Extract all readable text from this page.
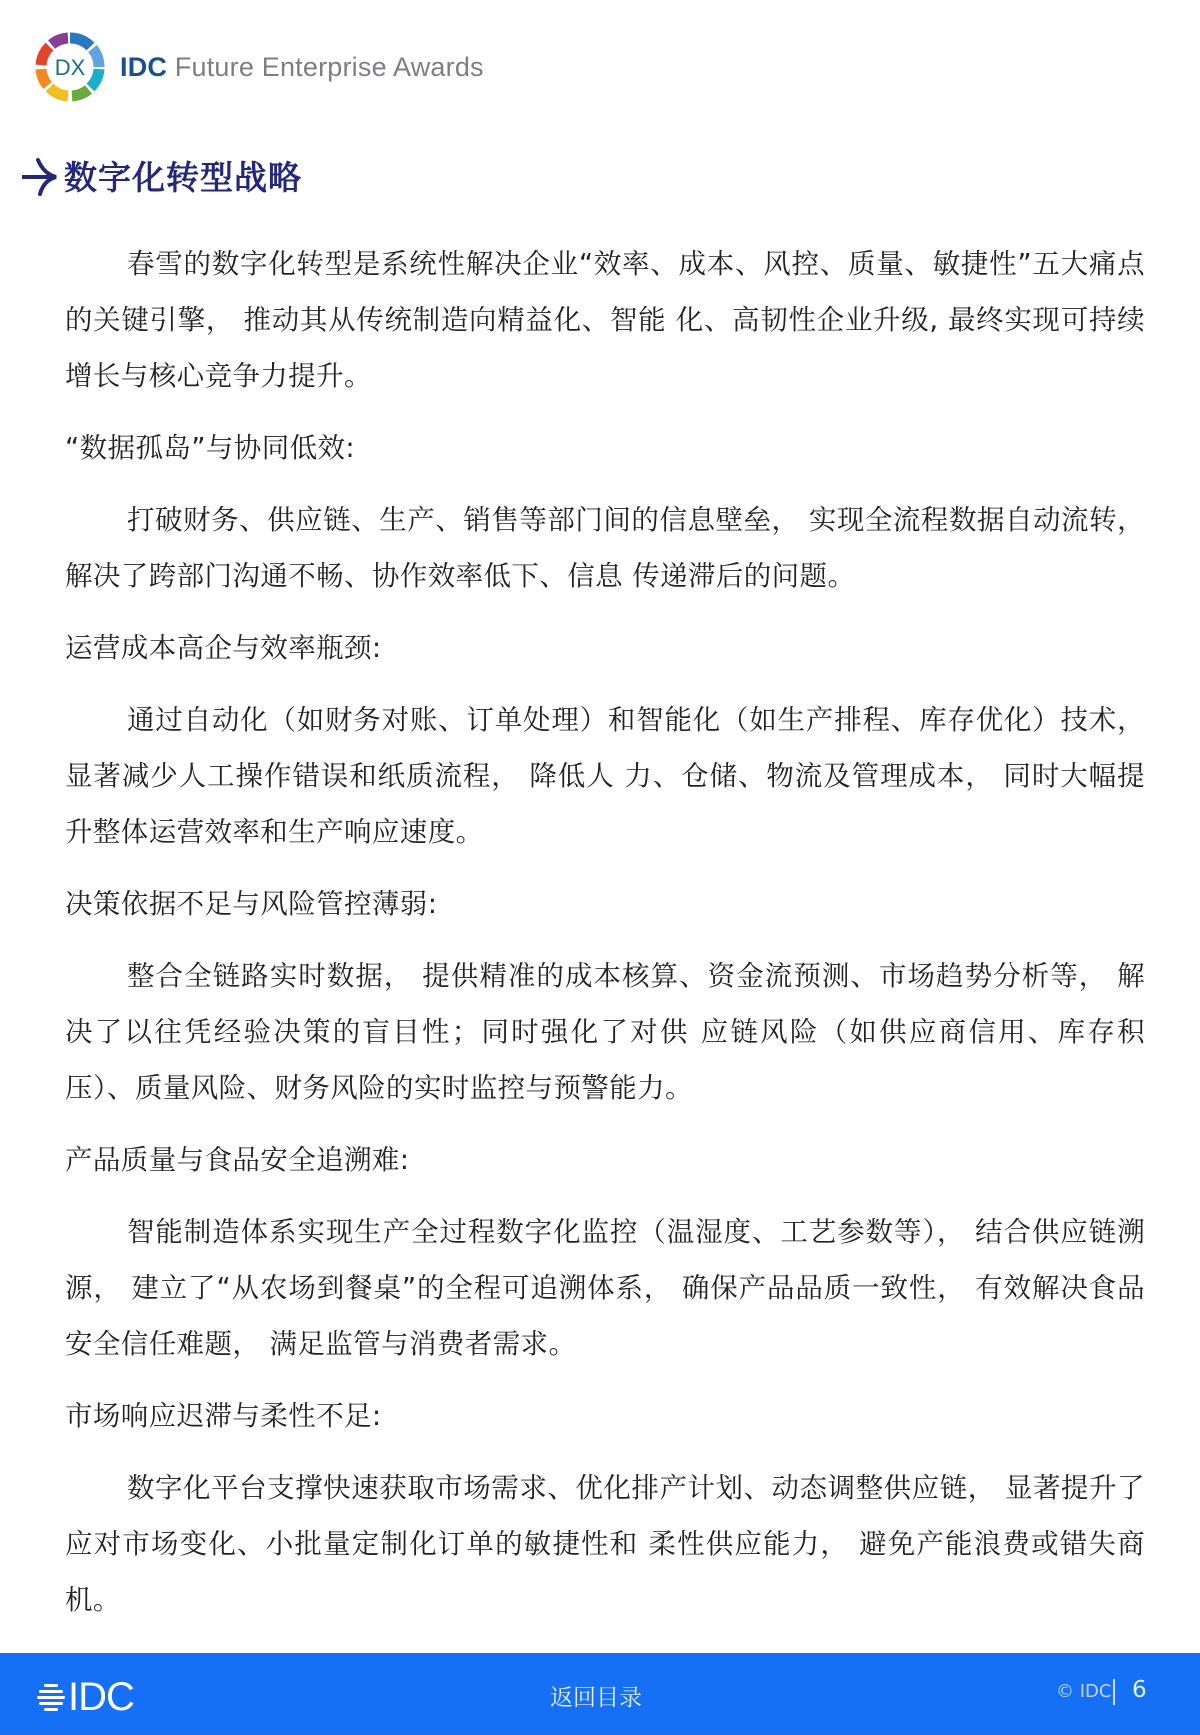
DX IDC Future Enterprise Awards
数字化转型战略

春雪的数字化转型是系统性解决企业“效率、成本、风控、质量、敏捷性”五大痛点的关键引擎， 推动其从传统制造向精益化、智能 化、高韧性企业升级, 最终实现可持续增长与核心竞争力提升。

“数据孤岛”与协同低效:

打破财务、供应链、生产、销售等部门间的信息壁垒， 实现全流程数据自动流转， 解决了跨部门沟通不畅、协作效率低下、信息 传递滞后的问题。

运营成本高企与效率瓶颈:

通过自动化（如财务对账、订单处理）和智能化（如生产排程、库存优化）技术， 显著减少人工操作错误和纸质流程， 降低人 力、仓储、物流及管理成本， 同时大幅提升整体运营效率和生产响应速度。

决策依据不足与风险管控薄弱:

整合全链路实时数据， 提供精准的成本核算、资金流预测、市场趋势分析等， 解决了以往凭经验决策的盲目性；同时强化了对供 应链风险（如供应商信用、库存积压）、质量风险、财务风险的实时监控与预警能力。

产品质量与食品安全追溯难:

智能制造体系实现生产全过程数字化监控（温湿度、工艺参数等）， 结合供应链溯源， 建立了“从农场到餐桌”的全程可追溯体系， 确保产品品质一致性， 有效解决食品安全信任难题， 满足监管与消费者需求。

市场响应迟滞与柔性不足:

数字化平台支撑快速获取市场需求、优化排产计划、动态调整供应链， 显著提升了应对市场变化、小批量定制化订单的敏捷性和 柔性供应能力， 避免产能浪费或错失商机。

IDC	返回目录	© IDC 6
